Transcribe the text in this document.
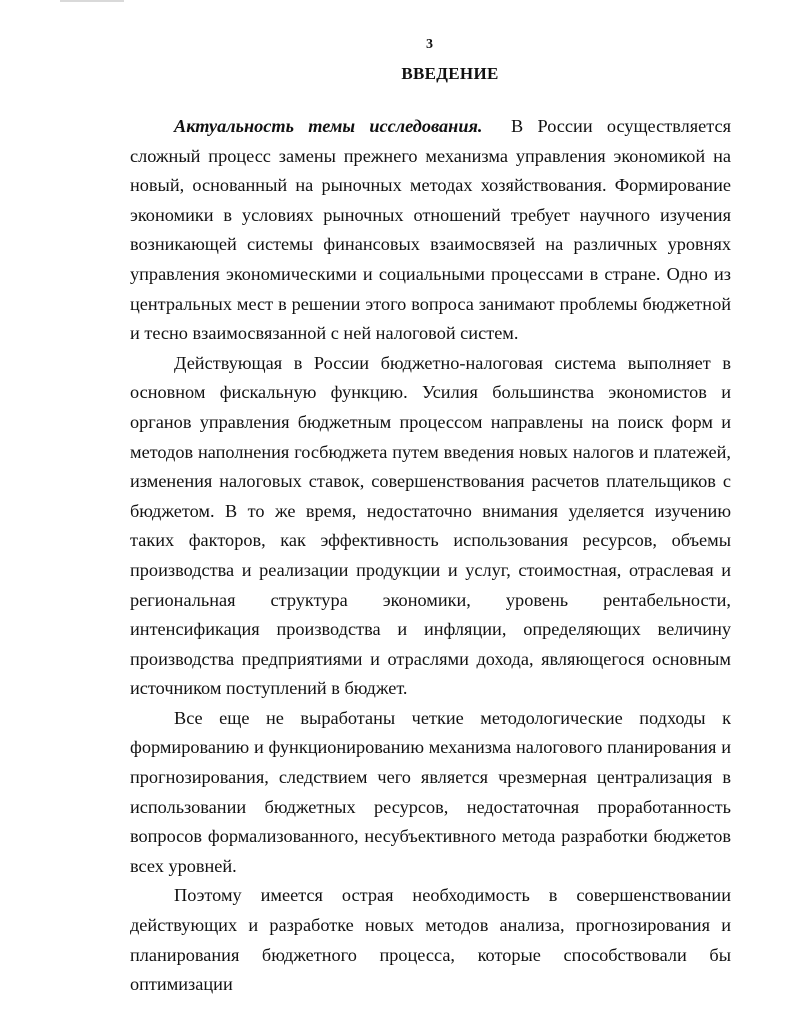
3
ВВЕДЕНИЕ

Актуальность темы исследования. В России осуществляется сложный процесс замены прежнего механизма управления экономикой на новый, основанный на рыночных методах хозяйствования. Формирование экономики в условиях рыночных отношений требует научного изучения возникающей системы финансовых взаимосвязей на различных уровнях управления экономическими и социальными процессами в стране. Одно из центральных мест в решении этого вопроса занимают проблемы бюджетной и тесно взаимосвязанной с ней налоговой систем.

Действующая в России бюджетно-налоговая система выполняет в основном фискальную функцию. Усилия большинства экономистов и органов управления бюджетным процессом направлены на поиск форм и методов наполнения госбюджета путем введения новых налогов и платежей, изменения налоговых ставок, совершенствования расчетов плательщиков с бюджетом. В то же время, недостаточно внимания уделяется изучению таких факторов, как эффективность использования ресурсов, объемы производства и реализации продукции и услуг, стоимостная, отраслевая и региональная структура экономики, уровень рентабельности, интенсификация производства и инфляции, определяющих величину производства предприятиями и отраслями дохода, являющегося основным источником поступлений в бюджет.

Все еще не выработаны четкие методологические подходы к формированию и функционированию механизма налогового планирования и прогнозирования, следствием чего является чрезмерная централизация в использовании бюджетных ресурсов, недостаточная проработанность вопросов формализованного, несубъективного метода разработки бюджетов всех уровней.

Поэтому имеется острая необходимость в совершенствовании действующих и разработке новых методов анализа, прогнозирования и планирования бюджетного процесса, которые способствовали бы оптимизации
